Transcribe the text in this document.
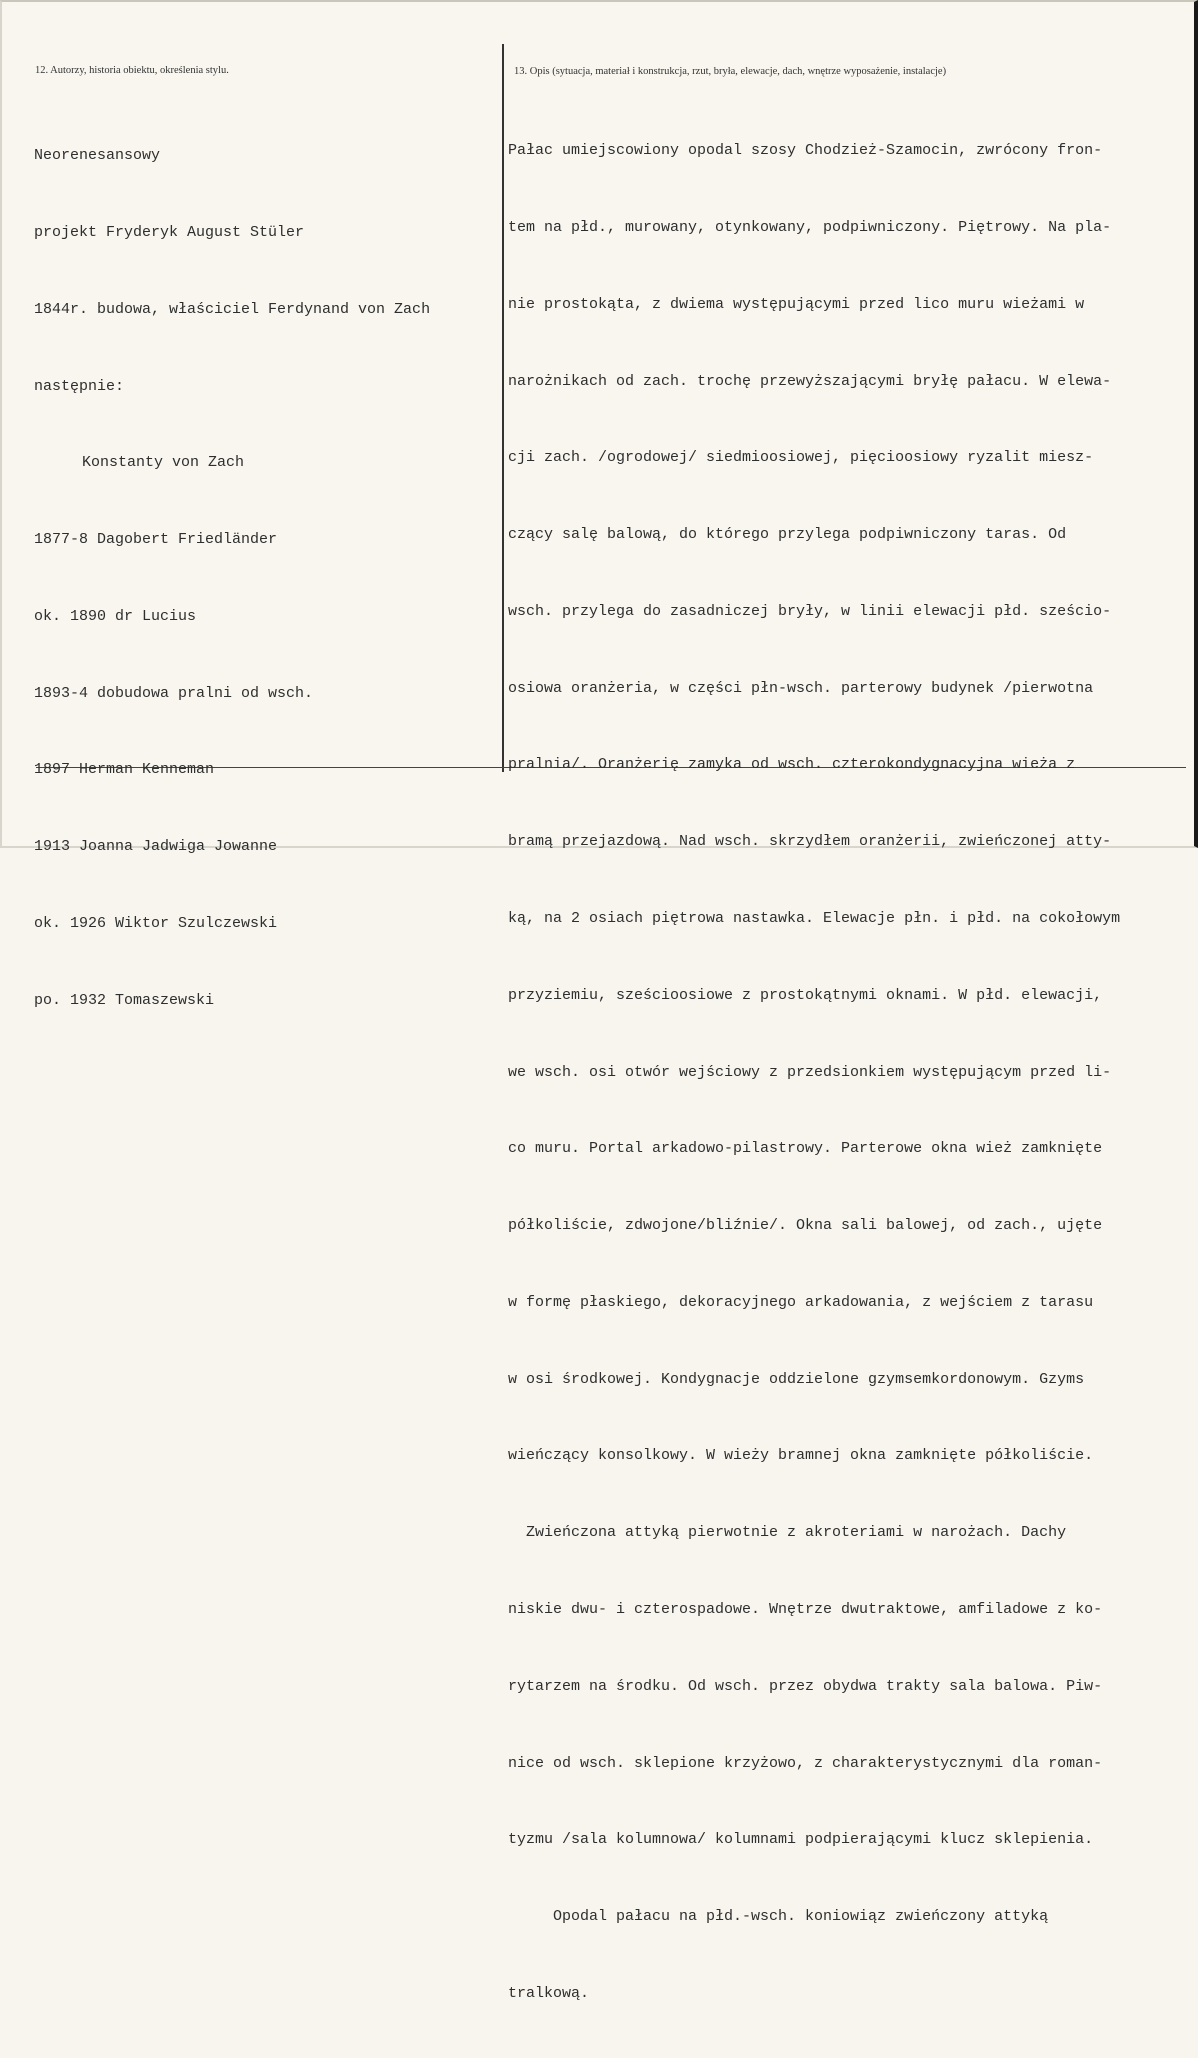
12. Autorzy, historia obiektu, określenia stylu.	13. Opis (sytuacja, materiał i konstrukcja, rzut, bryła, elewacje, dach, wnętrze wyposażenie, instalacje)

Neorenesansowy

projekt Fryderyk August Stüler

1844r. budowa, właściciel Ferdynand von Zach

następnie:

Konstanty von Zach

1877-8 Dagobert Friedländer

ok. 1890 dr Lucius

1893-4 dobudowa pralni od wsch.

1897 Herman Kenneman

1913 Joanna Jadwiga Jowanne

ok. 1926 Wiktor Szulczewski

po. 1932 Tomaszewski

Pałac umiejscowiony opodal szosy Chodzież-Szamocin, zwrócony fron-

tem na płd., murowany, otynkowany, podpiwniczony. Piętrowy. Na pla-

nie prostokąta, z dwiema występującymi przed lico muru wieżami w

narożnikach od zach. trochę przewyższającymi bryłę pałacu. W elewa-

cji zach. /ogrodowej/ siedmioosiowej, pięcioosiowy ryzalit miesz-

czący salę balową, do którego przylega podpiwniczony taras. Od

wsch. przylega do zasadniczej bryły, w linii elewacji płd. sześcio-

osiowa oranżeria, w części płn-wsch. parterowy budynek /pierwotna

pralnia/. Oranżerię zamyka od wsch. czterokondygnacyjna wieża z

bramą przejazdową. Nad wsch. skrzydłem oranżerii, zwieńczonej atty-

ką, na 2 osiach piętrowa nastawka. Elewacje płn. i płd. na cokołowym

przyziemiu, sześcioosiowe z prostokątnymi oknami. W płd. elewacji,

we wsch. osi otwór wejściowy z przedsionkiem występującym przed li-

co muru. Portal arkadowo-pilastrowy. Parterowe okna wież zamknięte

półkoliście, zdwojone/bliźnie/. Okna sali balowej, od zach., ujęte

w formę płaskiego, dekoracyjnego arkadowania, z wejściem z tarasu

w osi środkowej. Kondygnacje oddzielone gzymsemkordonowym. Gzyms

wieńczący konsolkowy. W wieży bramnej okna zamknięte półkoliście.

Zwieńczona attyką pierwotnie z akroteriami w narożach. Dachy

niskie dwu- i czterospadowe. Wnętrze dwutraktowe, amfiladowe z ko-

rytarzem na środku. Od wsch. przez obydwa trakty sala balowa. Piw-

nice od wsch. sklepione krzyżowo, z charakterystycznymi dla roman-

tyzmu /sala kolumnowa/ kolumnami podpierającymi klucz sklepienia.

Opodal pałacu na płd.-wsch. koniowiąz zwieńczony attyką

tralkową.
